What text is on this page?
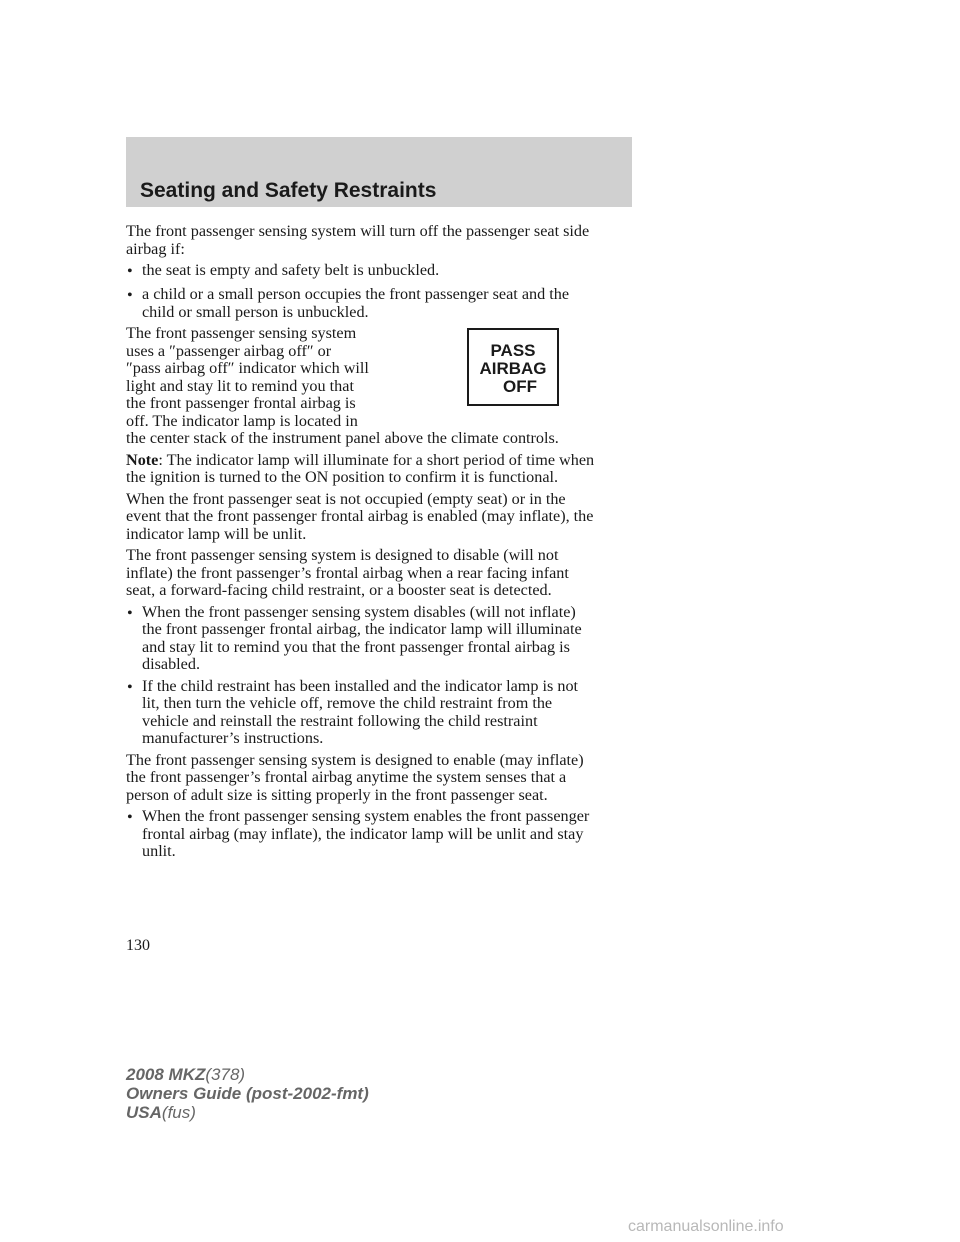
Seating and Safety Restraints
The front passenger sensing system will turn off the passenger seat side
airbag if:
• the seat is empty and safety belt is unbuckled.
• a child or a small person occupies the front passenger seat and the
child or small person is unbuckled.
The front passenger sensing system
uses a ″passenger airbag off″ or
″pass airbag off″ indicator which will
light and stay lit to remind you that
the front passenger frontal airbag is
off. The indicator lamp is located in
the center stack of the instrument panel above the climate controls.
PASS
AIRBAG
OFF
Note: The indicator lamp will illuminate for a short period of time when
the ignition is turned to the ON position to confirm it is functional.
When the front passenger seat is not occupied (empty seat) or in the
event that the front passenger frontal airbag is enabled (may inflate), the
indicator lamp will be unlit.
The front passenger sensing system is designed to disable (will not
inflate) the front passenger’s frontal airbag when a rear facing infant
seat, a forward-facing child restraint, or a booster seat is detected.
• When the front passenger sensing system disables (will not inflate)
the front passenger frontal airbag, the indicator lamp will illuminate
and stay lit to remind you that the front passenger frontal airbag is
disabled.
• If the child restraint has been installed and the indicator lamp is not
lit, then turn the vehicle off, remove the child restraint from the
vehicle and reinstall the restraint following the child restraint
manufacturer’s instructions.
The front passenger sensing system is designed to enable (may inflate)
the front passenger’s frontal airbag anytime the system senses that a
person of adult size is sitting properly in the front passenger seat.
• When the front passenger sensing system enables the front passenger
frontal airbag (may inflate), the indicator lamp will be unlit and stay
unlit.
130
2008 MKZ(378)
Owners Guide (post-2002-fmt)
USA(fus)
carmanualsonline.info
